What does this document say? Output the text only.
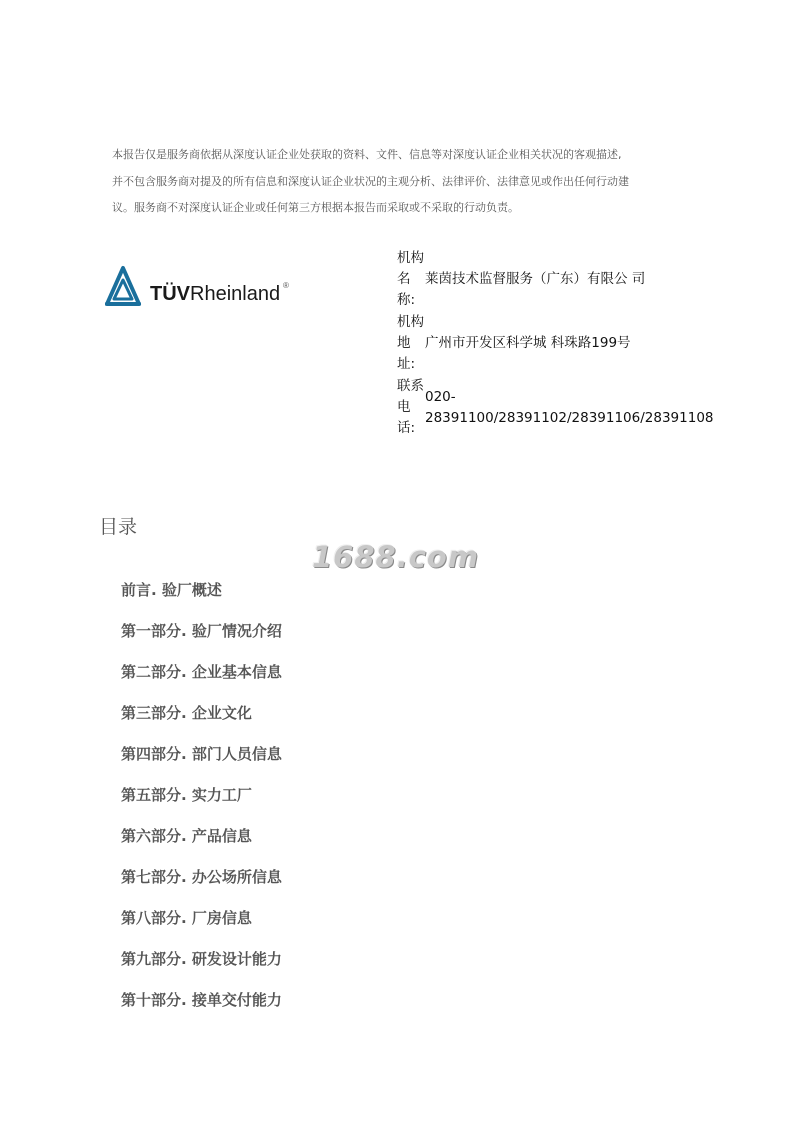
本报告仅是服务商依据从深度认证企业处获取的资料、文件、信息等对深度认证企业相关状况的客观描述,

并不包含服务商对提及的所有信息和深度认证企业状况的主观分析、法律评价、法律意见或作出任何行动建

议。服务商不对深度认证企业或任何第三方根据本报告而采取或不采取的行动负责。

TÜVRheinland ®
机构
名
称:
莱茵技术监督服务（广东）有限公 司
机构
地
址:
广州市开发区科学城 科珠路199号
联系
电
话:
020-
28391100/28391102/28391106/28391108
目录
1688.com
前言. 验厂概述
第一部分. 验厂情况介绍
第二部分. 企业基本信息
第三部分. 企业文化
第四部分. 部门人员信息
第五部分. 实力工厂
第六部分. 产品信息
第七部分. 办公场所信息
第八部分. 厂房信息
第九部分. 研发设计能力
第十部分. 接单交付能力
